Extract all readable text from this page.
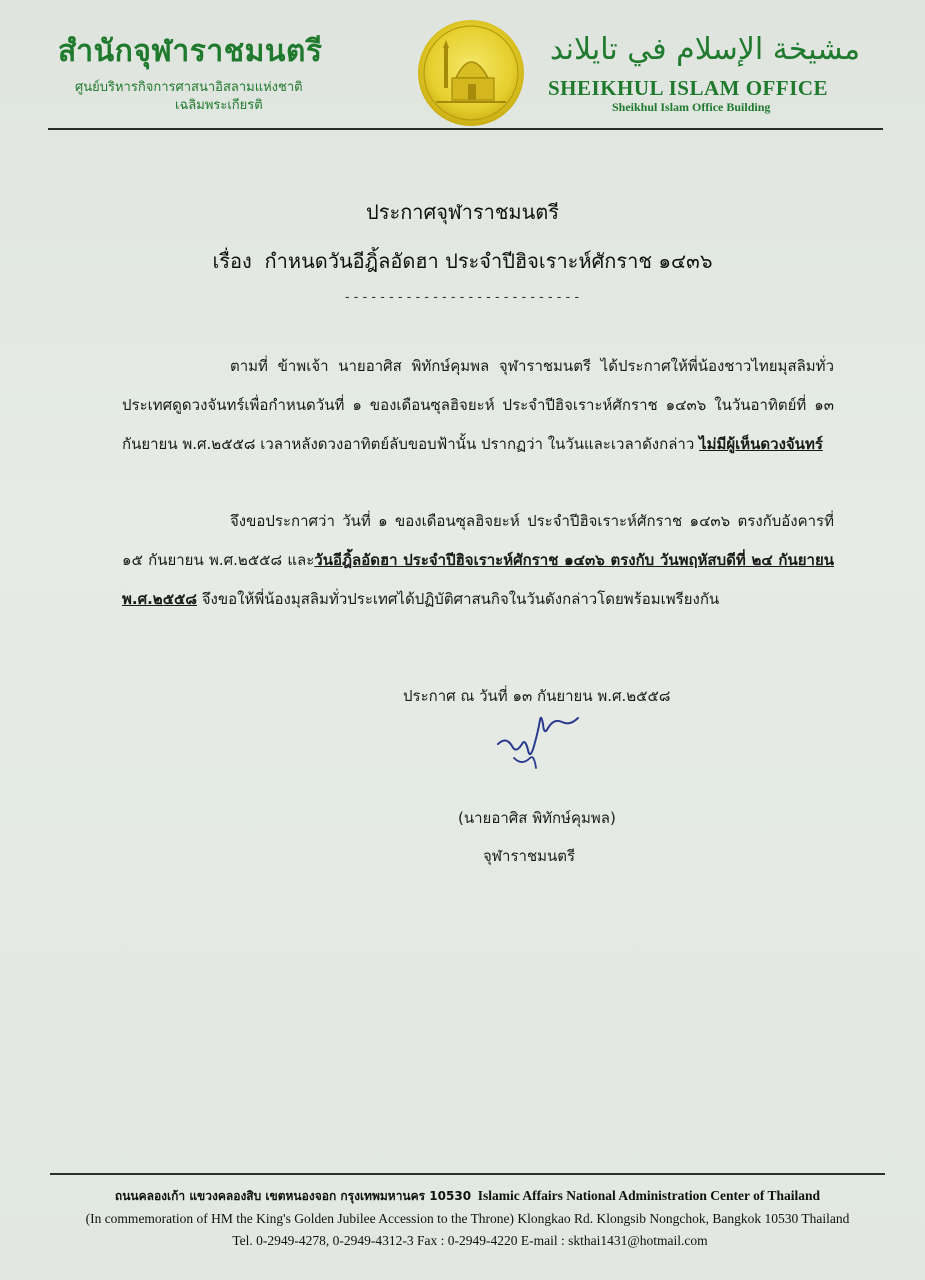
สำนักจุฬาราชมนตรี
ศูนย์บริหารกิจการศาสนาอิสลามแห่งชาติ
เฉลิมพระเกียรติ
مشيخة الإسلام في تايلاند
SHEIKHUL ISLAM OFFICE
Sheikhul Islam Office Building
ประกาศจุฬาราชมนตรี
เรื่อง กำหนดวันอีฎิ้ลอัดฮา ประจำปีฮิจเราะห์ศักราช ๑๔๓๖
---------------------------
ตามที่ ข้าพเจ้า นายอาศิส พิทักษ์คุมพล จุฬาราชมนตรี ได้ประกาศให้พี่น้องชาวไทยมุสลิมทั่วประเทศดูดวงจันทร์เพื่อกำหนดวันที่ ๑ ของเดือนซุลฮิจยะห์ ประจำปีฮิจเราะห์ศักราช ๑๔๓๖ ในวันอาทิตย์ที่ ๑๓ กันยายน พ.ศ.๒๕๕๘ เวลาหลังดวงอาทิตย์ลับขอบฟ้านั้น ปรากฏว่า ในวันและเวลาดังกล่าว ไม่มีผู้เห็นดวงจันทร์
จึงขอประกาศว่า วันที่ ๑ ของเดือนซุลฮิจยะห์ ประจำปีฮิจเราะห์ศักราช ๑๔๓๖ ตรงกับอังคารที่ ๑๕ กันยายน พ.ศ.๒๕๕๘ และวันอีฎิ้ลอัดฮา ประจำปีฮิจเราะห์ศักราช ๑๔๓๖ ตรงกับ วันพฤหัสบดีที่ ๒๔ กันยายน พ.ศ.๒๕๕๘ จึงขอให้พี่น้องมุสลิมทั่วประเทศได้ปฏิบัติศาสนกิจในวันดังกล่าวโดยพร้อมเพรียงกัน
ประกาศ ณ วันที่ ๑๓ กันยายน พ.ศ.๒๕๕๘
(นายอาศิส พิทักษ์คุมพล)
จุฬาราชมนตรี
ถนนคลองเก้า แขวงคลองสิบ เขตหนองจอก กรุงเทพมหานคร 10530 Islamic Affairs National Administration Center of Thailand
(In commemoration of HM the King's Golden Jubilee Accession to the Throne) Klongkao Rd. Klongsib Nongchok, Bangkok 10530 Thailand
Tel. 0-2949-4278, 0-2949-4312-3 Fax : 0-2949-4220 E-mail : skthai1431@hotmail.com
